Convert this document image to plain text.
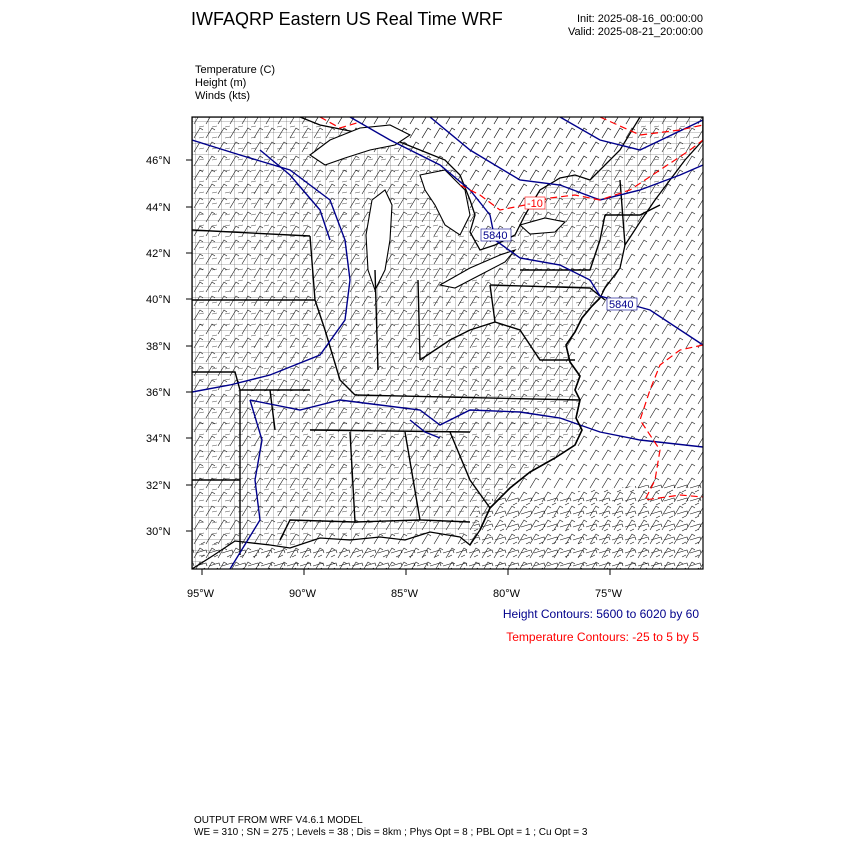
IWFAQRP Eastern US Real Time WRF	Init: 2025-08-16_00:00:00
Valid: 2025-08-21_20:00:00
Temperature (C)
Height (m)
Winds (kts)
5840
5840
-10
46°N
44°N
42°N
40°N
38°N
36°N
34°N
32°N
30°N
95°W	90°W	85°W	80°W	75°W
Height Contours: 5600 to 6020 by 60
Temperature Contours: -25 to 5 by 5
OUTPUT FROM WRF V4.6.1 MODEL
WE = 310 ; SN = 275 ; Levels = 38 ; Dis = 8km ; Phys Opt = 8 ; PBL Opt = 1 ; Cu Opt = 3
